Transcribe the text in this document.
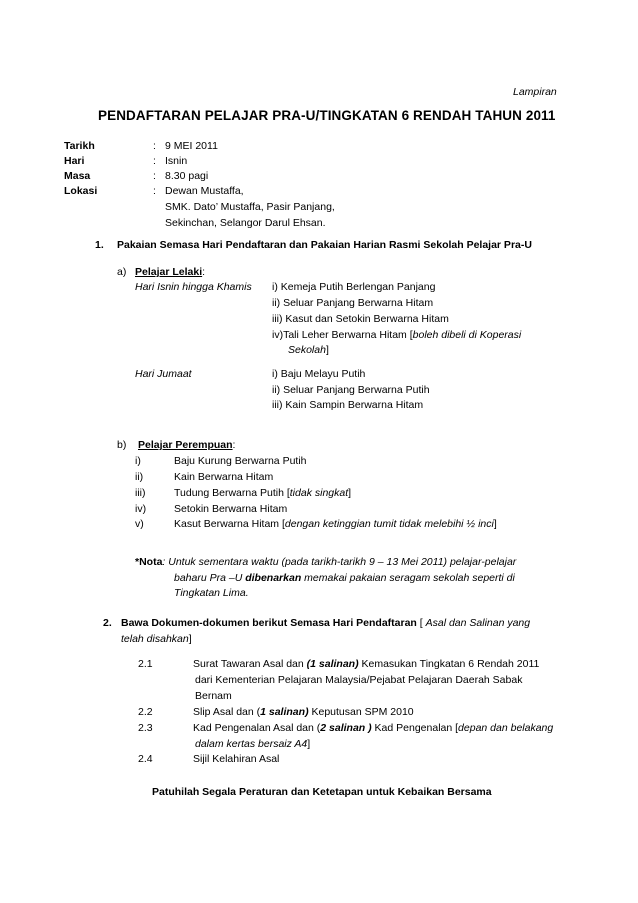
Lampiran
PENDAFTARAN PELAJAR PRA-U/TINGKATAN 6 RENDAH TAHUN 2011
Tarikh	: 9 MEI 2011
Hari	: Isnin
Masa	: 8.30 pagi
Lokasi	: Dewan Mustaffa,
SMK. Dato’ Mustaffa, Pasir Panjang,
Sekinchan, Selangor Darul Ehsan.
1. Pakaian Semasa Hari Pendaftaran dan Pakaian Harian Rasmi Sekolah Pelajar Pra-U
a) Pelajar Lelaki:
Hari Isnin hingga Khamis i) Kemeja Putih Berlengan Panjang
ii) Seluar Panjang Berwarna Hitam
iii) Kasut dan Setokin Berwarna Hitam
iv)Tali Leher Berwarna Hitam [boleh dibeli di Koperasi
Sekolah]
Hari Jumaat	i) Baju Melayu Putih
ii) Seluar Panjang Berwarna Putih
iii) Kain Sampin Berwarna Hitam
b) Pelajar Perempuan:
i)	Baju Kurung Berwarna Putih
ii)	Kain Berwarna Hitam
iii)	Tudung Berwarna Putih [tidak singkat]
iv)	Setokin Berwarna Hitam
v)	Kasut Berwarna Hitam [dengan ketinggian tumit tidak melebihi ½ inci]
*Nota: Untuk sementara waktu (pada tarikh-tarikh 9 – 13 Mei 2011) pelajar-pelajar
baharu Pra –U dibenarkan memakai pakaian seragam sekolah seperti di
Tingkatan Lima.
2. Bawa Dokumen-dokumen berikut Semasa Hari Pendaftaran [ Asal dan Salinan yang
telah disahkan]
2.1	Surat Tawaran Asal dan (1 salinan) Kemasukan Tingkatan 6 Rendah 2011
dari Kementerian Pelajaran Malaysia/Pejabat Pelajaran Daerah Sabak
Bernam
2.2	Slip Asal dan (1 salinan) Keputusan SPM 2010
2.3	Kad Pengenalan Asal dan (2 salinan ) Kad Pengenalan [depan dan belakang
dalam kertas bersaiz A4]
2.4	Sijil Kelahiran Asal
Patuhilah Segala Peraturan dan Ketetapan untuk Kebaikan Bersama
